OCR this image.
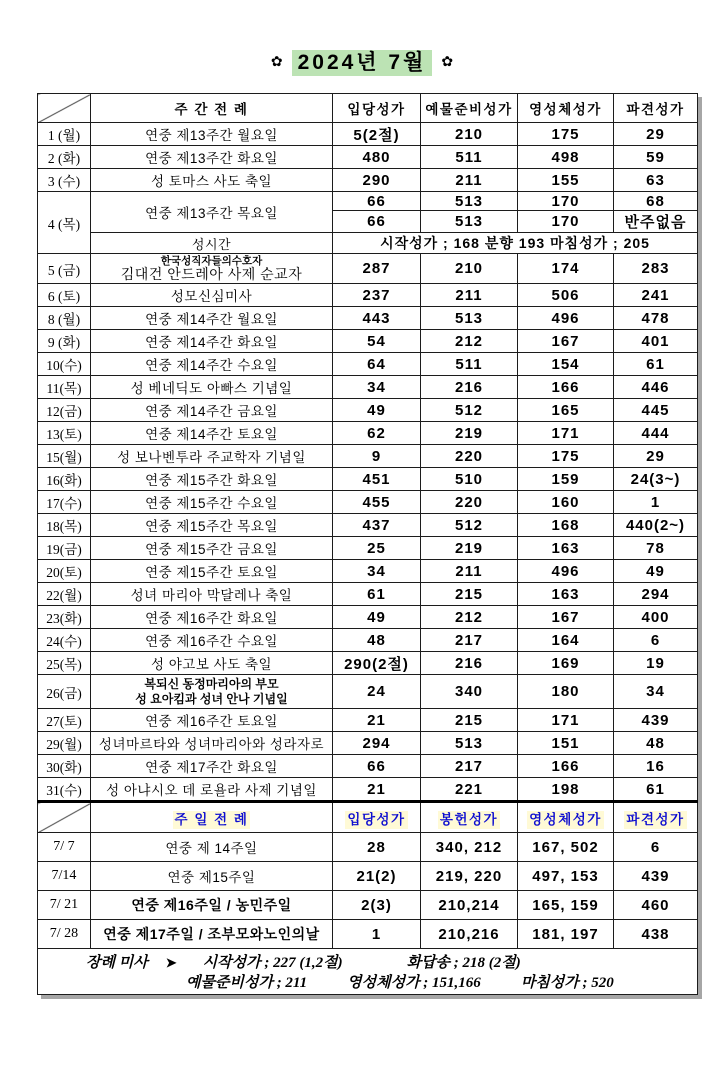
✿ 2024년 7월 ✿
	주 간 전 례	입당성가	예물준비성가	영성체성가	파견성가
1 (월)	연중 제13주간 월요일	5(2절)	210	175	29
2 (화)	연중 제13주간 화요일	480	511	498	59
3 (수)	성 토마스 사도 축일	290	211	155	63
4 (목)	연중 제13주간 목요일	66	513	170	68
		66	513	170	반주없음
	성시간	시작성가 ; 168 분향 193 마침성가 ; 205			
5 (금)	한국성직자들의수호자
김대건 안드레아 사제 순교자	287	210	174	283
6 (토)	성모신심미사	237	211	506	241
8 (월)	연중 제14주간 월요일	443	513	496	478
9 (화)	연중 제14주간 화요일	54	212	167	401
10(수)	연중 제14주간 수요일	64	511	154	61
11(목)	성 베네딕도 아빠스 기념일	34	216	166	446
12(금)	연중 제14주간 금요일	49	512	165	445
13(토)	연중 제14주간 토요일	62	219	171	444
15(월)	성 보나벤투라 주교학자 기념일	9	220	175	29
16(화)	연중 제15주간 화요일	451	510	159	24(3~)
17(수)	연중 제15주간 수요일	455	220	160	1
18(목)	연중 제15주간 목요일	437	512	168	440(2~)
19(금)	연중 제15주간 금요일	25	219	163	78
20(토)	연중 제15주간 토요일	34	211	496	49
22(월)	성녀 마리아 막달레나 축일	61	215	163	294
23(화)	연중 제16주간 화요일	49	212	167	400
24(수)	연중 제16주간 수요일	48	217	164	6
25(목)	성 야고보 사도 축일	290(2절)	216	169	19
26(금)	복되신 동정마리아의 부모
성 요아킴과 성녀 안나 기념일	24	340	180	34
27(토)	연중 제16주간 토요일	21	215	171	439
29(월)	성녀마르타와 성녀마리아와 성라자로	294	513	151	48
30(화)	연중 제17주간 화요일	66	217	166	16
31(수)	성 아냐시오 데 로욜라 사제 기념일	21	221	198	61
	주 일 전 례	입당성가	봉헌성가	영성체성가	파견성가
7/ 7	연중 제 14주일	28	340, 212	167, 502	6
7/14	연중 제15주일	21(2)	219, 220	497, 153	439
7/ 21	연중 제16주일 / 농민주일	2(3)	210,214	165, 159	460
7/ 28	연중 제17주일 / 조부모와노인의날	1	210,216	181, 197	438

장례 미사 ➤ 시작성가 ; 227 (1,2절) 화답송 ; 218 (2절)
예물준비성가 ; 211 영성체성가 ; 151,166 마침성가 ; 520					
